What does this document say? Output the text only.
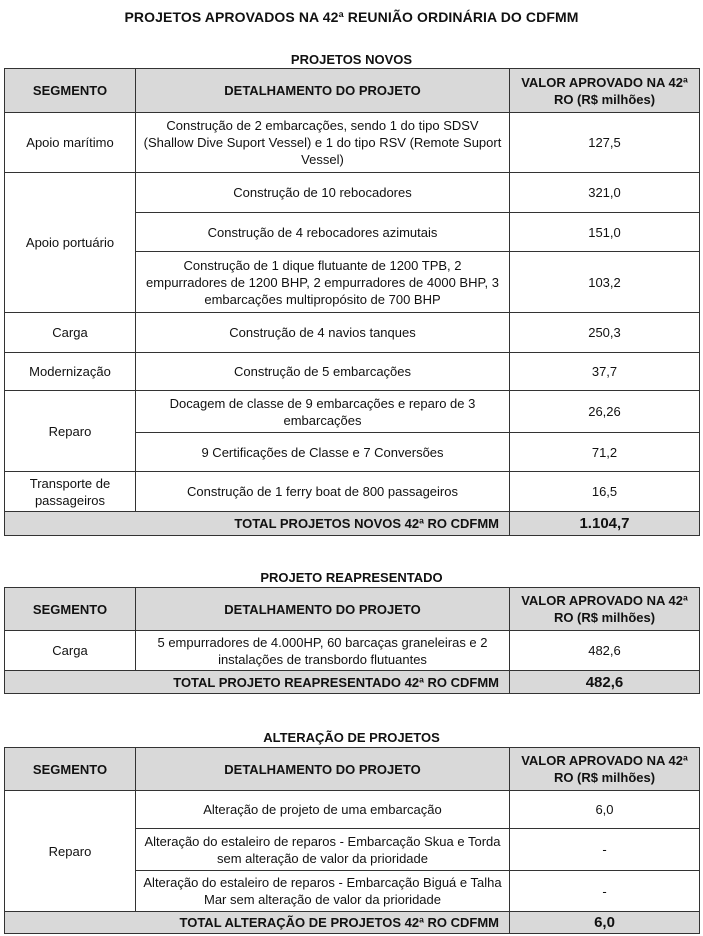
PROJETOS APROVADOS NA 42ª REUNIÃO ORDINÁRIA DO CDFMM
PROJETOS NOVOS
SEGMENTO	DETALHAMENTO DO PROJETO	VALOR APROVADO NA 42ª RO (R$ milhões)
Apoio marítimo	Construção de 2 embarcações, sendo 1 do tipo SDSV (Shallow Dive Suport Vessel) e 1 do tipo RSV (Remote Suport Vessel)	127,5
Apoio portuário	Construção de 10 rebocadores	321,0
	Construção de 4 rebocadores azimutais	151,0
	Construção de 1 dique flutuante de 1200 TPB, 2 empurradores de 1200 BHP, 2 empurradores de 4000 BHP, 3 embarcações multipropósito de 700 BHP	103,2
Carga	Construção de 4 navios tanques	250,3
Modernização	Construção de 5 embarcações	37,7
Reparo	Docagem de classe de 9 embarcações e reparo de 3 embarcações	26,26
	9 Certificações de Classe e 7 Conversões	71,2
Transporte de passageiros	Construção de 1 ferry boat de 800 passageiros	16,5
TOTAL PROJETOS NOVOS 42ª RO CDFMM		1.104,7
PROJETO REAPRESENTADO
SEGMENTO	DETALHAMENTO DO PROJETO	VALOR APROVADO NA 42ª RO (R$ milhões)
Carga	5 empurradores de 4.000HP, 60 barcaças graneleiras e 2 instalações de transbordo flutuantes	482,6
TOTAL PROJETO REAPRESENTADO 42ª RO CDFMM		482,6
ALTERAÇÃO DE PROJETOS
SEGMENTO	DETALHAMENTO DO PROJETO	VALOR APROVADO NA 42ª RO (R$ milhões)
Reparo	Alteração de projeto de uma embarcação	6,0
	Alteração do estaleiro de reparos - Embarcação Skua e Torda sem alteração de valor da prioridade	-
	Alteração do estaleiro de reparos - Embarcação Biguá e Talha Mar sem alteração de valor da prioridade	-
TOTAL ALTERAÇÃO DE PROJETOS 42ª RO CDFMM		6,0
